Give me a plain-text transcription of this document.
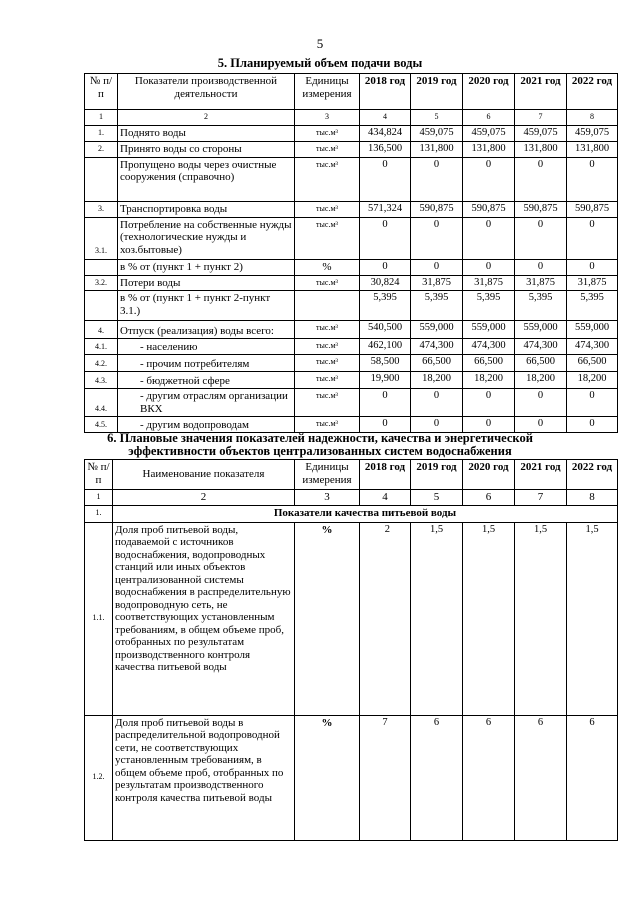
5
5. Планируемый объем подачи воды
№ п/п	Показатели производственной деятельности	Единицы измерения	2018 год	2019 год	2020 год	2021 год	2022 год
1	2	3	4	5	6	7	8
1.	Поднято воды	тыс.м³	434,824	459,075	459,075	459,075	459,075
2.	Принято воды со стороны	тыс.м³	136,500	131,800	131,800	131,800	131,800
	Пропущено воды через очистные сооружения (справочно)	тыс.м³	0	0	0	0	0
3.	Транспортировка воды	тыс.м³	571,324	590,875	590,875	590,875	590,875
3.1.	Потребление на собственные нужды (технологические нужды и хоз.бытовые)	тыс.м³	0	0	0	0	0
	в % от (пункт 1 + пункт 2)	%	0	0	0	0	0
3.2.	Потери воды	тыс.м³	30,824	31,875	31,875	31,875	31,875
	в % от (пункт 1 + пункт 2-пункт 3.1.)		5,395	5,395	5,395	5,395	5,395
4.	Отпуск (реализация) воды всего:	тыс.м³	540,500	559,000	559,000	559,000	559,000
4.1.	- населению	тыс.м³	462,100	474,300	474,300	474,300	474,300
4.2.	- прочим потребителям	тыс.м³	58,500	66,500	66,500	66,500	66,500
4.3.	- бюджетной сфере	тыс.м³	19,900	18,200	18,200	18,200	18,200
4.4.	- другим отраслям организации ВКХ	тыс.м³	0	0	0	0	0
4.5.	- другим водопроводам	тыс.м³	0	0	0	0	0
6. Плановые значения показателей надежности, качества и энергетической
эффективности объектов централизованных систем водоснабжения
№ п/п	Наименование показателя	Единицы измерения	2018 год	2019 год	2020 год	2021 год	2022 год
1	2	3	4	5	6	7	8
1.	Показатели качества питьевой воды						
1.1.	Доля проб питьевой воды, подаваемой с источников водоснабжения, водопроводных станций или иных объектов централизованной системы водоснабжения в распределительную водопроводную сеть, не соответствующих установленным требованиям, в общем объеме проб, отобранных по результатам производственного контроля качества питьевой воды	%	2	1,5	1,5	1,5	1,5
1.2.	Доля проб питьевой воды в распределительной водопроводной сети, не соответствующих установленным требованиям, в общем объеме проб, отобранных по результатам производственного контроля качества питьевой воды	%	7	6	6	6	6
